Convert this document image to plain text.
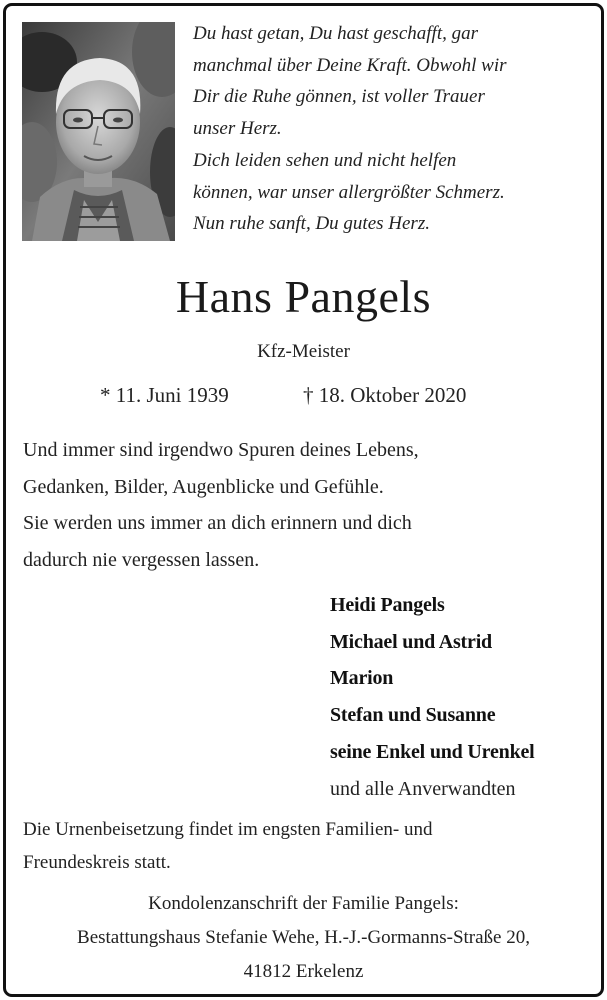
Du hast getan, Du hast geschafft, gar
manchmal über Deine Kraft. Obwohl wir
Dir die Ruhe gönnen, ist voller Trauer
unser Herz.
Dich leiden sehen und nicht helfen
können, war unser allergrößter Schmerz.
Nun ruhe sanft, Du gutes Herz.
Hans Pangels
Kfz-Meister
* 11. Juni 1939	† 18. Oktober 2020
Und immer sind irgendwo Spuren deines Lebens,
Gedanken, Bilder, Augenblicke und Gefühle.
Sie werden uns immer an dich erinnern und dich
dadurch nie vergessen lassen.
Heidi Pangels
Michael und Astrid
Marion
Stefan und Susanne
seine Enkel und Urenkel
und alle Anverwandten
Die Urnenbeisetzung findet im engsten Familien- und
Freundeskreis statt.
Kondolenzanschrift der Familie Pangels:
Bestattungshaus Stefanie Wehe, H.-J.-Gormanns-Straße 20,
41812 Erkelenz
